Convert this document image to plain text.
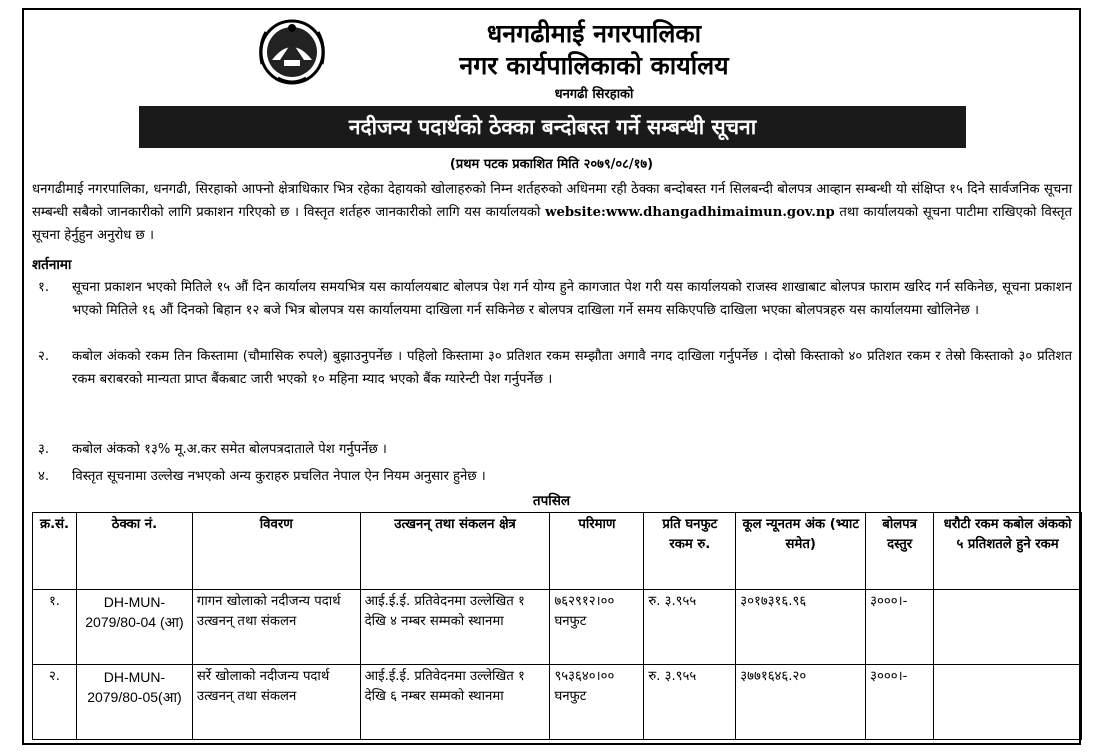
धनगढीमाई नगरपालिका
नगर कार्यपालिकाको कार्यालय
धनगढी सिरहाको
नदीजन्य पदार्थको ठेक्का बन्दोबस्त गर्ने सम्बन्धी सूचना
(प्रथम पटक प्रकाशित मिति २०७९/०८/१७)
धनगढीमाई नगरपालिका, धनगढी, सिरहाको आफ्नो क्षेत्राधिकार भित्र रहेका देहायको खोलाहरुको निम्न शर्तहरुको अधिनमा रही ठेक्का बन्दोबस्त गर्न सिलबन्दी बोलपत्र आव्हान सम्बन्धी यो संक्षिप्त १५ दिने सार्वजनिक सूचना सम्बन्धी सबैको जानकारीको लागि प्रकाशन गरिएको छ । विस्तृत शर्तहरु जानकारीको लागि यस कार्यालयको website:www.dhangadhimaimun.gov.np तथा कार्यालयको सूचना पाटीमा राखिएको विस्तृत सूचना हेर्नुहुन अनुरोध छ ।
शर्तनामा
१. सूचना प्रकाशन भएको मितिले १५ औं दिन कार्यालय समयभित्र यस कार्यालयबाट बोलपत्र पेश गर्न योग्य हुने कागजात पेश गरी यस कार्यालयको राजस्व शाखाबाट बोलपत्र फाराम खरिद गर्न सकिनेछ, सूचना प्रकाशन भएको मितिले १६ औं दिनको बिहान १२ बजे भित्र बोलपत्र यस कार्यालयमा दाखिला गर्न सकिनेछ र बोलपत्र दाखिला गर्ने समय सकिएपछि दाखिला भएका बोलपत्रहरु यस कार्यालयमा खोलिनेछ ।
२. कबोल अंकको रकम तिन किस्तामा (चौमासिक रुपले) बुझाउनुपर्नेछ । पहिलो किस्तामा ३० प्रतिशत रकम सम्झौता अगावै नगद दाखिला गर्नुपर्नेछ । दोस्रो किस्ताको ४० प्रतिशत रकम र तेस्रो किस्ताको ३० प्रतिशत रकम बराबरको मान्यता प्राप्त बैंकबाट जारी भएको १० महिना म्याद भएको बैंक ग्यारेन्टी पेश गर्नुपर्नेछ ।
३. कबोल अंकको १३% मू.अ.कर समेत बोलपत्रदाताले पेश गर्नुपर्नेछ ।
४. विस्तृत सूचनामा उल्लेख नभएको अन्य कुराहरु प्रचलित नेपाल ऐन नियम अनुसार हुनेछ ।
तपसिल
क्र.सं.	ठेक्का नं.	विवरण	उत्खनन् तथा संकलन क्षेत्र	परिमाण	प्रति घनफुट रकम रु.	कूल न्यूनतम अंक (भ्याट समेत)	बोलपत्र दस्तुर	धरौटी रकम कबोल अंकको ५ प्रतिशतले हुने रकम
१.	DH-MUN-2079/80-04 (आ)	गागन खोलाको नदीजन्य पदार्थ उत्खनन् तथा संकलन	आई.ई.ई. प्रतिवेदनमा उल्लेखित १ देखि ४ नम्बर सम्मको स्थानमा	७६२९१२।०० घनफुट	रु. ३.९५५	३०१७३१६.९६	३०००।-	
२.	DH-MUN-2079/80-05(आ)	सर्रे खोलाको नदीजन्य पदार्थ उत्खनन् तथा संकलन	आई.ई.ई. प्रतिवेदनमा उल्लेखित १ देखि ६ नम्बर सम्मको स्थानमा	९५३६४०।०० घनफुट	रु. ३.९५५	३७७१६४६.२०	३०००।-	
